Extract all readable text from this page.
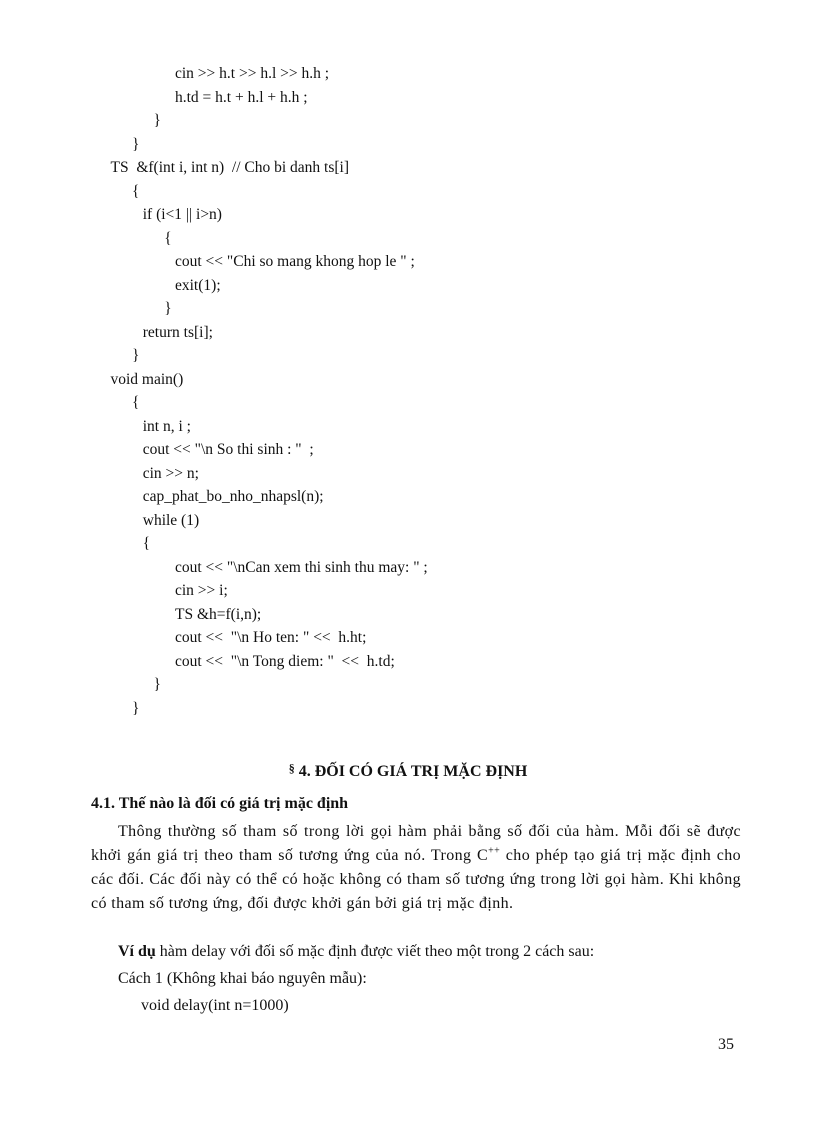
cin >> h.t >> h.l >> h.h ;
h.td = h.t + h.l + h.h ;
}
}
TS  &f(int i, int n)  // Cho bi danh ts[i]
{
if (i<1 || i>n)
{
cout << "Chi so mang khong hop le " ;
exit(1);
}
return ts[i];
}
void main()
{
int n, i ;
cout << "\n So thi sinh : "  ;
cin >> n;
cap_phat_bo_nho_nhapsl(n);
while (1)
{
cout << "\nCan xem thi sinh thu may: " ;
cin >> i;
TS &h=f(i,n);
cout <<  "\n Ho ten: " <<  h.ht;
cout <<  "\n Tong diem: "  <<  h.td;
}
}
§ 4. ĐỐI CÓ GIÁ TRỊ MẶC ĐỊNH
4.1. Thế nào là đối có giá trị mặc định

Thông thường số tham số trong lời gọi hàm phải bằng số đối của hàm. Mỗi đối sẽ được khởi gán giá trị theo tham số tương ứng của nó. Trong C++ cho phép tạo giá trị mặc định cho các đối. Các đối này có thể có hoặc không có tham số tương ứng trong lời gọi hàm. Khi không có tham số tương ứng, đối được khởi gán bởi giá trị mặc định.

Ví dụ hàm delay với đối số mặc định được viết theo một trong 2 cách sau:
Cách 1 (Không khai báo nguyên mẫu):
void delay(int n=1000)
35
